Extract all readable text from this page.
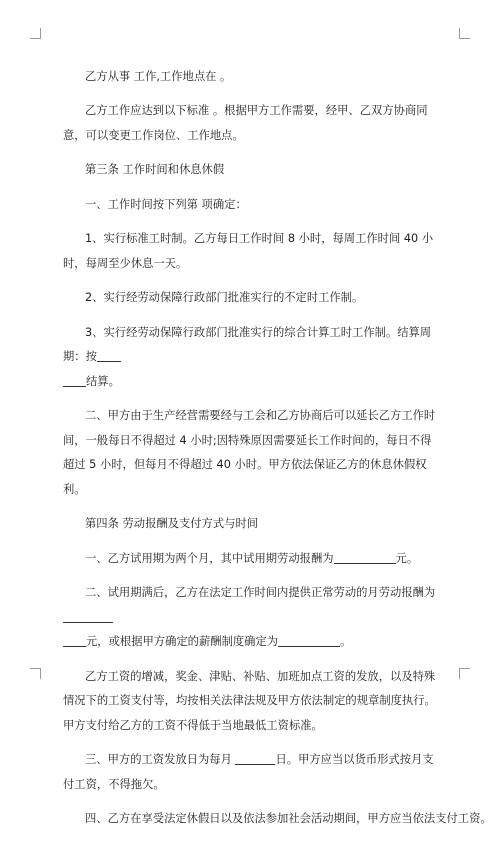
乙方从事 工作,工作地点在 。

乙方工作应达到以下标准 。根据甲方工作需要，经甲、乙双方协商同意，可以变更工作岗位、工作地点。

第三条 工作时间和休息休假

一、工作时间按下列第 项确定：

1、实行标准工时制。乙方每日工作时间 8 小时，每周工作时间 40 小时，每周至少休息一天。

2、实行经劳动保障行政部门批准实行的不定时工作制。

3、实行经劳动保障行政部门批准实行的综合计算工时工作制。结算周期：按
结算。

二、甲方由于生产经营需要经与工会和乙方协商后可以延长乙方工作时间，一般每日不得超过 4 小时;因特殊原因需要延长工作时间的，每日不得超过 5 小时，但每月不得超过 40 小时。甲方依法保证乙方的休息休假权利。

第四条 劳动报酬及支付方式与时间

一、乙方试用期为两个月，其中试用期劳动报酬为	元。

二、试用期满后，乙方在法定工作时间内提供正常劳动的月劳动报酬为
元，或根据甲方确定的薪酬制度确定为	。

乙方工资的增减，奖金、津贴、补贴、加班加点工资的发放，以及特殊情况下的工资支付等，均按相关法律法规及甲方依法制定的规章制度执行。甲方支付给乙方的工资不得低于当地最低工资标准。

三、甲方的工资发放日为每月	日。甲方应当以货币形式按月支付工资，不得拖欠。

四、乙方在享受法定休假日以及依法参加社会活动期间，甲方应当依法支付工资。
